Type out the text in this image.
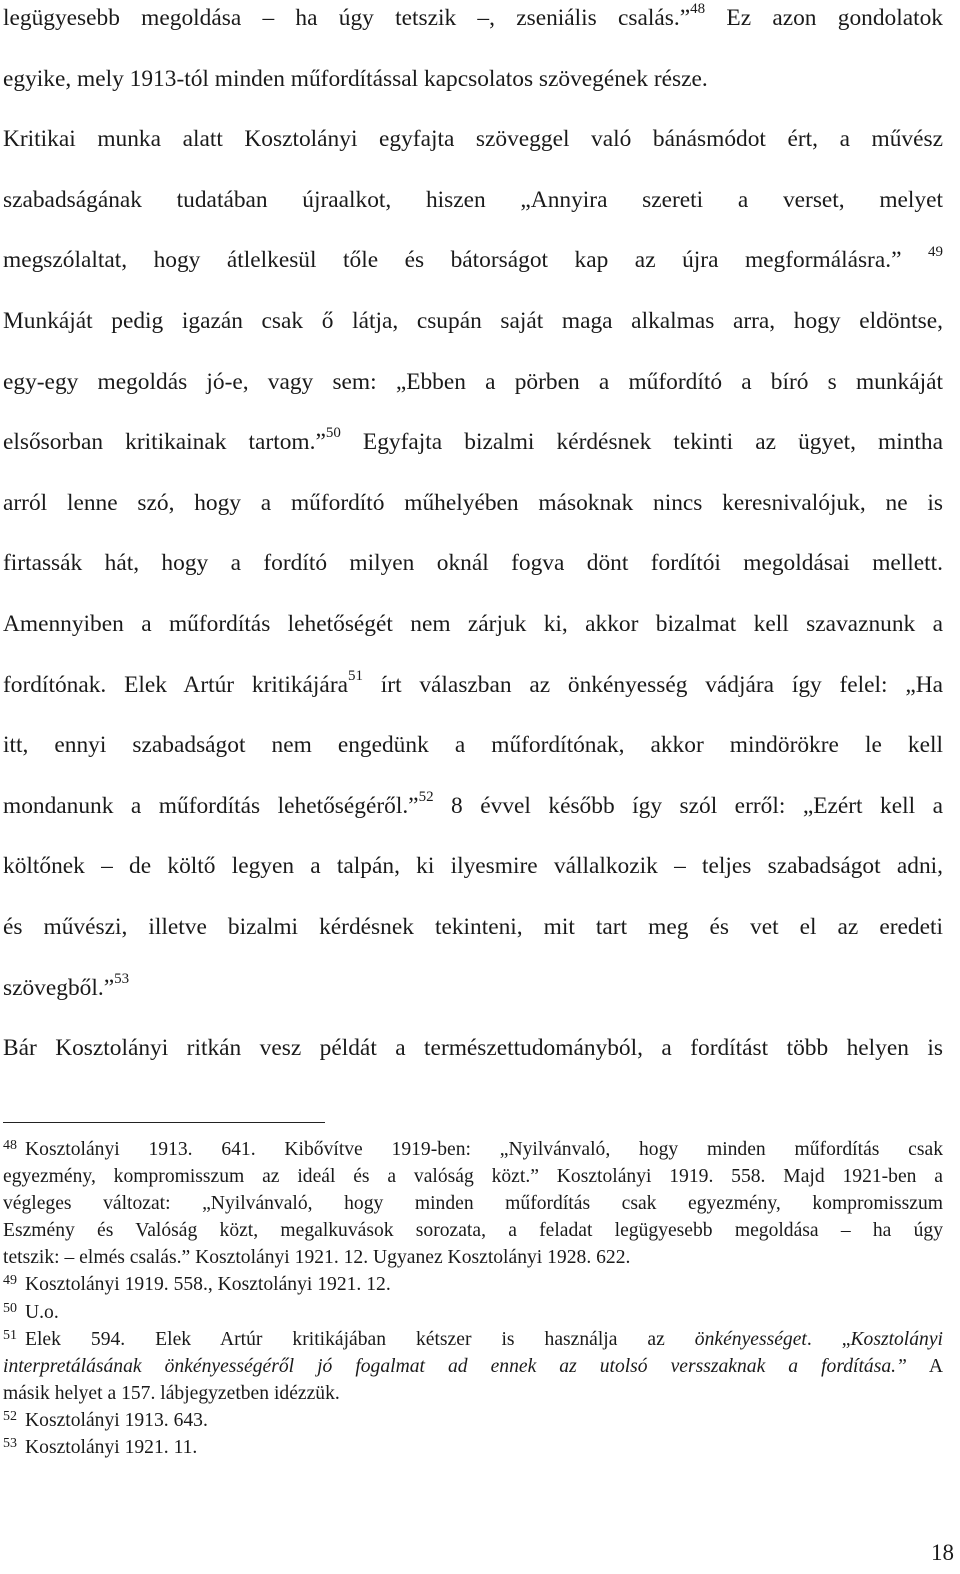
legügyesebb megoldása – ha úgy tetszik –, zseniális csalás.”$^{48}$ Ez azon gondolatok
egyike, mely 1913-tól minden műfordítással kapcsolatos szövegének része.
Kritikai munka alatt Kosztolányi egyfajta szöveggel való bánásmódot ért, a művész
szabadságának tudatában újraalkot, hiszen „Annyira szereti a verset, melyet
megszólaltat, hogy átlelkesül tőle és bátorságot kap az újra megformálásra.” $^{49}$
Munkáját pedig igazán csak ő látja, csupán saját maga alkalmas arra, hogy eldöntse,
egy-egy megoldás jó-e, vagy sem: „Ebben a pörben a műfordító a bíró s munkáját
elsősorban kritikainak tartom.”$^{50}$ Egyfajta bizalmi kérdésnek tekinti az ügyet, mintha
arról lenne szó, hogy a műfordító műhelyében másoknak nincs keresnivalójuk, ne is
firtassák hát, hogy a fordító milyen oknál fogva dönt fordítói megoldásai mellett.
Amennyiben a műfordítás lehetőségét nem zárjuk ki, akkor bizalmat kell szavaznunk a
fordítónak. Elek Artúr kritikájára$^{51}$ írt válaszban az önkényesség vádjára így felel: „Ha
itt, ennyi szabadságot nem engedünk a műfordítónak, akkor mindörökre le kell
mondanunk a műfordítás lehetőségéről.”$^{52}$ 8 évvel később így szól erről: „Ezért kell a
költőnek – de költő legyen a talpán, ki ilyesmire vállalkozik – teljes szabadságot adni,
és művészi, illetve bizalmi kérdésnek tekinteni, mit tart meg és vet el az eredeti
szövegből.”$^{53}$
Bár Kosztolányi ritkán vesz példát a természettudományból, a fordítást több helyen is
$^{48}$ Kosztolányi 1913. 641. Kibővítve 1919-ben: „Nyilvánvaló, hogy minden műfordítás csak
egyezmény, kompromisszum az ideál és a valóság közt.” Kosztolányi 1919. 558. Majd 1921-ben a
végleges változat: „Nyilvánvaló, hogy minden műfordítás csak egyezmény, kompromisszum
Eszmény és Valóság közt, megalkuvások sorozata, a feladat legügyesebb megoldása – ha úgy
tetszik: – elmés csalás.” Kosztolányi 1921. 12. Ugyanez Kosztolányi 1928. 622.
$^{49}$ Kosztolányi 1919. 558., Kosztolányi 1921. 12.
$^{50}$ U.o.
$^{51}$ Elek 594. Elek Artúr kritikájában kétszer is használja az önkényességet. „Kosztolányi
interpretálásának önkényességéről jó fogalmat ad ennek az utolsó versszaknak a fordítása.” A
másik helyet a 157. lábjegyzetben idézzük.
$^{52}$ Kosztolányi 1913. 643.
$^{53}$ Kosztolányi 1921. 11.
18
